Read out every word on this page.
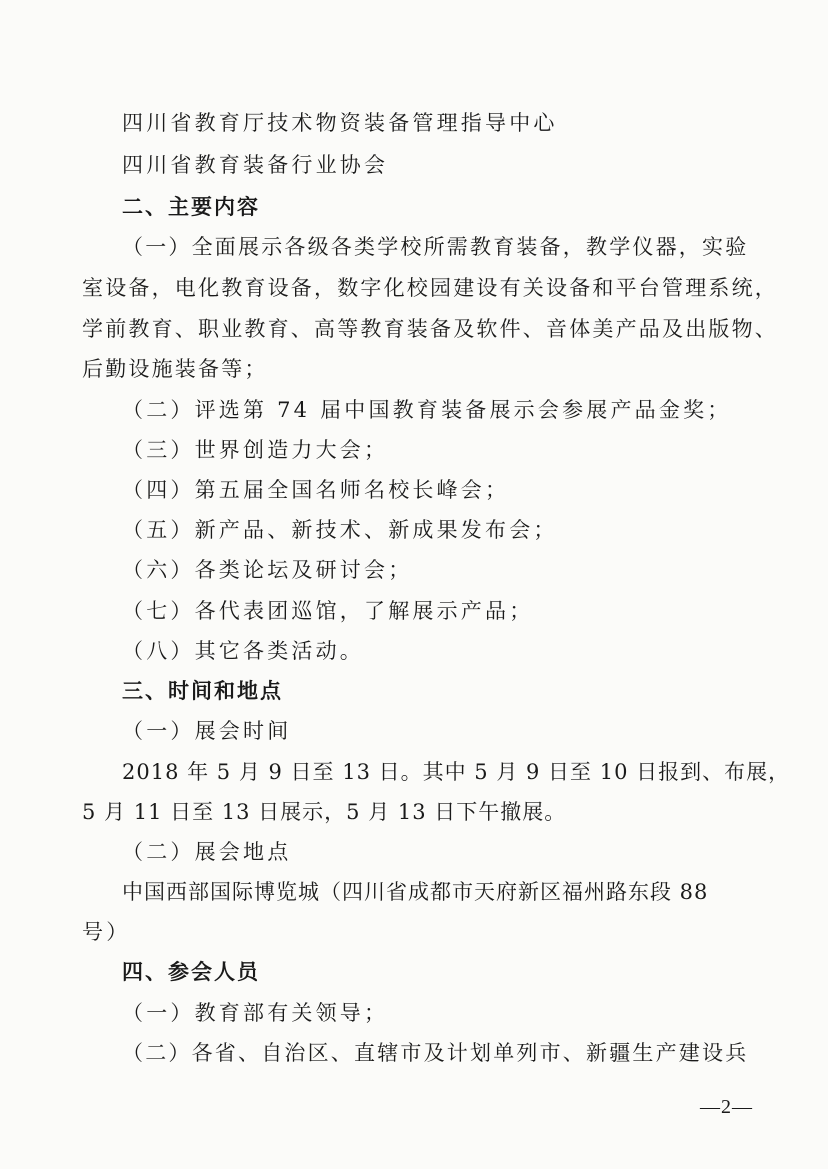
四川省教育厅技术物资装备管理指导中心
四川省教育装备行业协会
二、主要内容
（一）全面展示各级各类学校所需教育装备，教学仪器，实验
室设备，电化教育设备，数字化校园建设有关设备和平台管理系统，
学前教育、职业教育、高等教育装备及软件、音体美产品及出版物、
后勤设施装备等；
（二）评选第 74 届中国教育装备展示会参展产品金奖；
（三）世界创造力大会；
（四）第五届全国名师名校长峰会；
（五）新产品、新技术、新成果发布会；
（六）各类论坛及研讨会；
（七）各代表团巡馆，了解展示产品；
（八）其它各类活动。
三、时间和地点
（一）展会时间
2018 年 5 月 9 日至 13 日。其中 5 月 9 日至 10 日报到、布展，
5 月 11 日至 13 日展示，5 月 13 日下午撤展。
（二）展会地点
中国西部国际博览城（四川省成都市天府新区福州路东段 88
号）
四、参会人员
（一）教育部有关领导；
（二）各省、自治区、直辖市及计划单列市、新疆生产建设兵
—2—
